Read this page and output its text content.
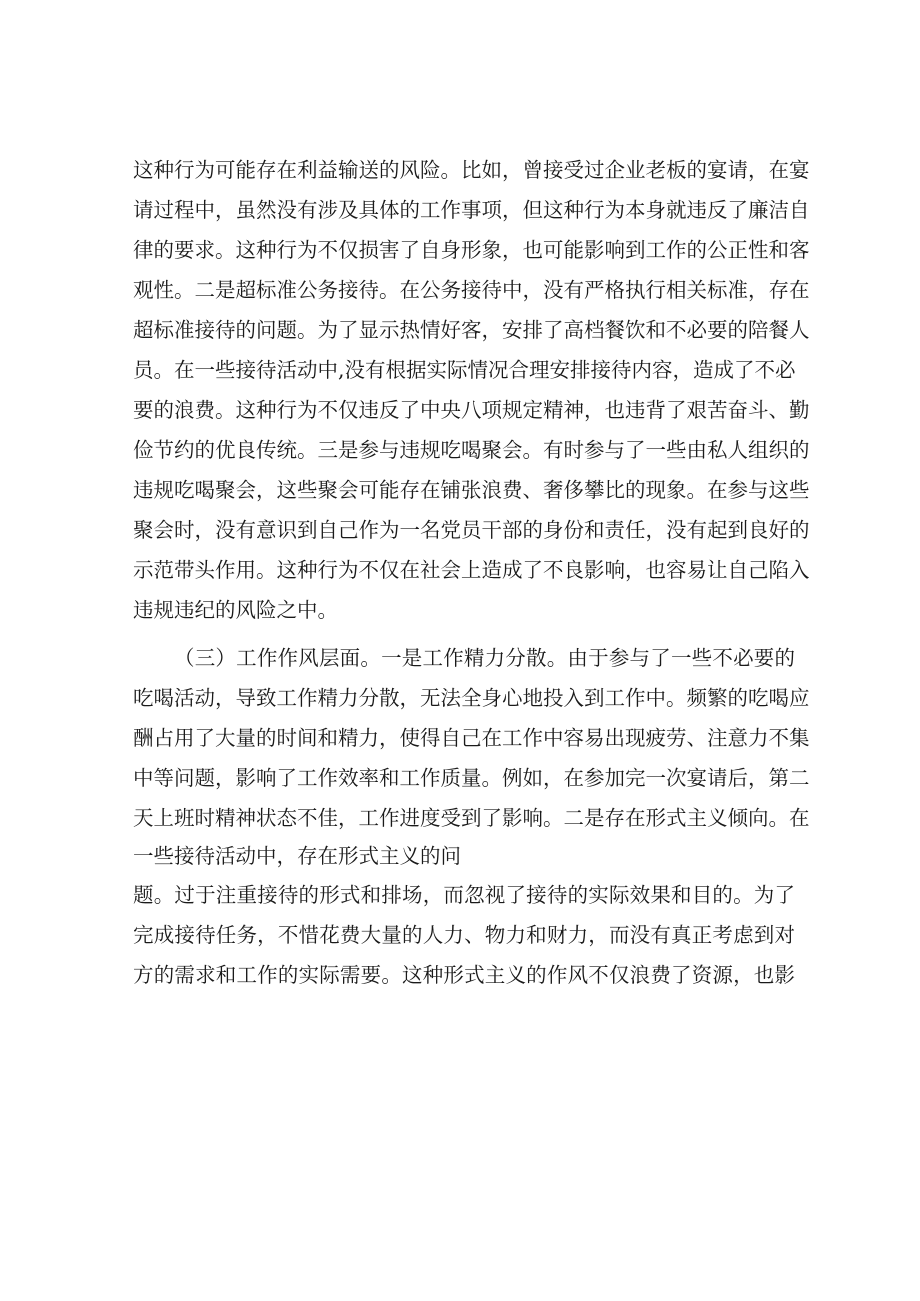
这种行为可能存在利益输送的风险。比如，曾接受过企业老板的宴请，在宴
请过程中，虽然没有涉及具体的工作事项，但这种行为本身就违反了廉洁自
律的要求。这种行为不仅损害了自身形象，也可能影响到工作的公正性和客
观性。二是超标准公务接待。在公务接待中，没有严格执行相关标准，存在
超标准接待的问题。为了显示热情好客，安排了高档餐饮和不必要的陪餐人
员。在一些接待活动中,没有根据实际情况合理安排接待内容，造成了不必
要的浪费。这种行为不仅违反了中央八项规定精神，也违背了艰苦奋斗、勤
俭节约的优良传统。三是参与违规吃喝聚会。有时参与了一些由私人组织的
违规吃喝聚会，这些聚会可能存在铺张浪费、奢侈攀比的现象。在参与这些
聚会时，没有意识到自己作为一名党员干部的身份和责任，没有起到良好的
示范带头作用。这种行为不仅在社会上造成了不良影响，也容易让自己陷入
违规违纪的风险之中。
（三）工作作风层面。一是工作精力分散。由于参与了一些不必要的
吃喝活动，导致工作精力分散，无法全身心地投入到工作中。频繁的吃喝应
酬占用了大量的时间和精力，使得自己在工作中容易出现疲劳、注意力不集
中等问题，影响了工作效率和工作质量。例如，在参加完一次宴请后，第二
天上班时精神状态不佳，工作进度受到了影响。二是存在形式主义倾向。在
一些接待活动中，存在形式主义的问
题。过于注重接待的形式和排场，而忽视了接待的实际效果和目的。为了
完成接待任务，不惜花费大量的人力、物力和财力，而没有真正考虑到对
方的需求和工作的实际需要。这种形式主义的作风不仅浪费了资源，也影
